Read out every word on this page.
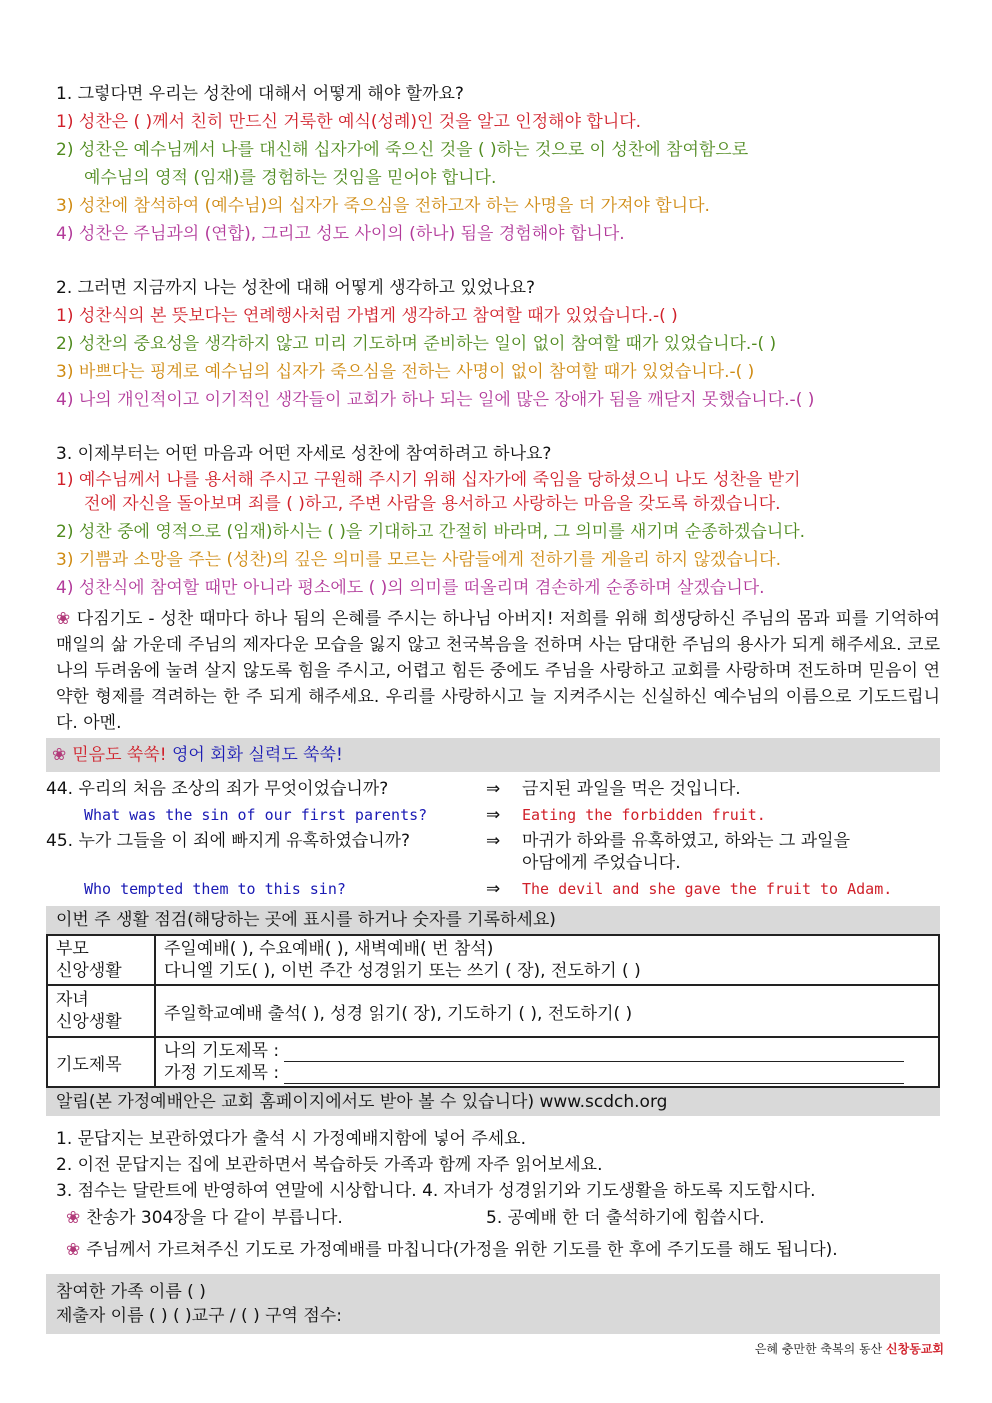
1. 그렇다면 우리는 성찬에 대해서 어떻게 해야 할까요?
1) 성찬은 ( )께서 친히 만드신 거룩한 예식(성례)인 것을 알고 인정해야 합니다.
2) 성찬은 예수님께서 나를 대신해 십자가에 죽으신 것을 ( )하는 것으로 이 성찬에 참여함으로
예수님의 영적 (임재)를 경험하는 것임을 믿어야 합니다.
3) 성찬에 참석하여 (예수님)의 십자가 죽으심을 전하고자 하는 사명을 더 가져야 합니다.
4) 성찬은 주님과의 (연합), 그리고 성도 사이의 (하나) 됨을 경험해야 합니다.
2. 그러면 지금까지 나는 성찬에 대해 어떻게 생각하고 있었나요?
1) 성찬식의 본 뜻보다는 연례행사처럼 가볍게 생각하고 참여할 때가 있었습니다.-( )
2) 성찬의 중요성을 생각하지 않고 미리 기도하며 준비하는 일이 없이 참여할 때가 있었습니다.-( )
3) 바쁘다는 핑계로 예수님의 십자가 죽으심을 전하는 사명이 없이 참여할 때가 있었습니다.-( )
4) 나의 개인적이고 이기적인 생각들이 교회가 하나 되는 일에 많은 장애가 됨을 깨닫지 못했습니다.-( )
3. 이제부터는 어떤 마음과 어떤 자세로 성찬에 참여하려고 하나요?
1) 예수님께서 나를 용서해 주시고 구원해 주시기 위해 십자가에 죽임을 당하셨으니 나도 성찬을 받기
전에 자신을 돌아보며 죄를 ( )하고, 주변 사람을 용서하고 사랑하는 마음을 갖도록 하겠습니다.
2) 성찬 중에 영적으로 (임재)하시는 ( )을 기대하고 간절히 바라며, 그 의미를 새기며 순종하겠습니다.
3) 기쁨과 소망을 주는 (성찬)의 깊은 의미를 모르는 사람들에게 전하기를 게을리 하지 않겠습니다.
4) 성찬식에 참여할 때만 아니라 평소에도 ( )의 의미를 떠올리며 겸손하게 순종하며 살겠습니다.
❀ 다짐기도 - 성찬 때마다 하나 됨의 은혜를 주시는 하나님 아버지! 저희를 위해 희생당하신 주님의 몸과 피를 기억하여 매일의 삶 가운데 주님의 제자다운 모습을 잃지 않고 천국복음을 전하며 사는 담대한 주님의 용사가 되게 해주세요. 코로나의 두려움에 눌려 살지 않도록 힘을 주시고, 어렵고 힘든 중에도 주님을 사랑하고 교회를 사랑하며 전도하며 믿음이 연약한 형제를 격려하는 한 주 되게 해주세요. 우리를 사랑하시고 늘 지켜주시는 신실하신 예수님의 이름으로 기도드립니다. 아멘.
❀ 믿음도 쑥쑥! 영어 회화 실력도 쑥쑥!
44. 우리의 처음 조상의 죄가 무엇이었습니까?	⇒ 금지된 과일을 먹은 것입니다.
What was the sin of our first parents?	⇒ Eating the forbidden fruit.
45. 누가 그들을 이 죄에 빠지게 유혹하였습니까?	⇒ 마귀가 하와를 유혹하였고, 하와는 그 과일을
아담에게 주었습니다.
Who tempted them to this sin?	⇒ The devil and she gave the fruit to Adam.
이번 주 생활 점검(해당하는 곳에 표시를 하거나 숫자를 기록하세요)
부모
신앙생활	주일예배( ), 수요예배( ), 새벽예배( 번 참석)
다니엘 기도( ), 이번 주간 성경읽기 또는 쓰기 ( 장), 전도하기 ( )
자녀
신앙생활	주일학교예배 출석( ), 성경 읽기( 장), 기도하기 ( ), 전도하기( )
기도제목	나의 기도제목 :
가정 기도제목 :
알림(본 가정예배안은 교회 홈페이지에서도 받아 볼 수 있습니다) www.scdch.org
1. 문답지는 보관하였다가 출석 시 가정예배지함에 넣어 주세요.
2. 이전 문답지는 집에 보관하면서 복습하듯 가족과 함께 자주 읽어보세요.
3. 점수는 달란트에 반영하여 연말에 시상합니다. 4. 자녀가 성경읽기와 기도생활을 하도록 지도합시다.
❀ 찬송가 304장을 다 같이 부릅니다.	5. 공예배 한 더 출석하기에 힘씁시다.
❀ 주님께서 가르쳐주신 기도로 가정예배를 마칩니다(가정을 위한 기도를 한 후에 주기도를 해도 됩니다).
참여한 가족 이름 ( )
제출자 이름 ( ) ( )교구 / ( ) 구역 점수:
은혜 충만한 축복의 동산 신창동교회
